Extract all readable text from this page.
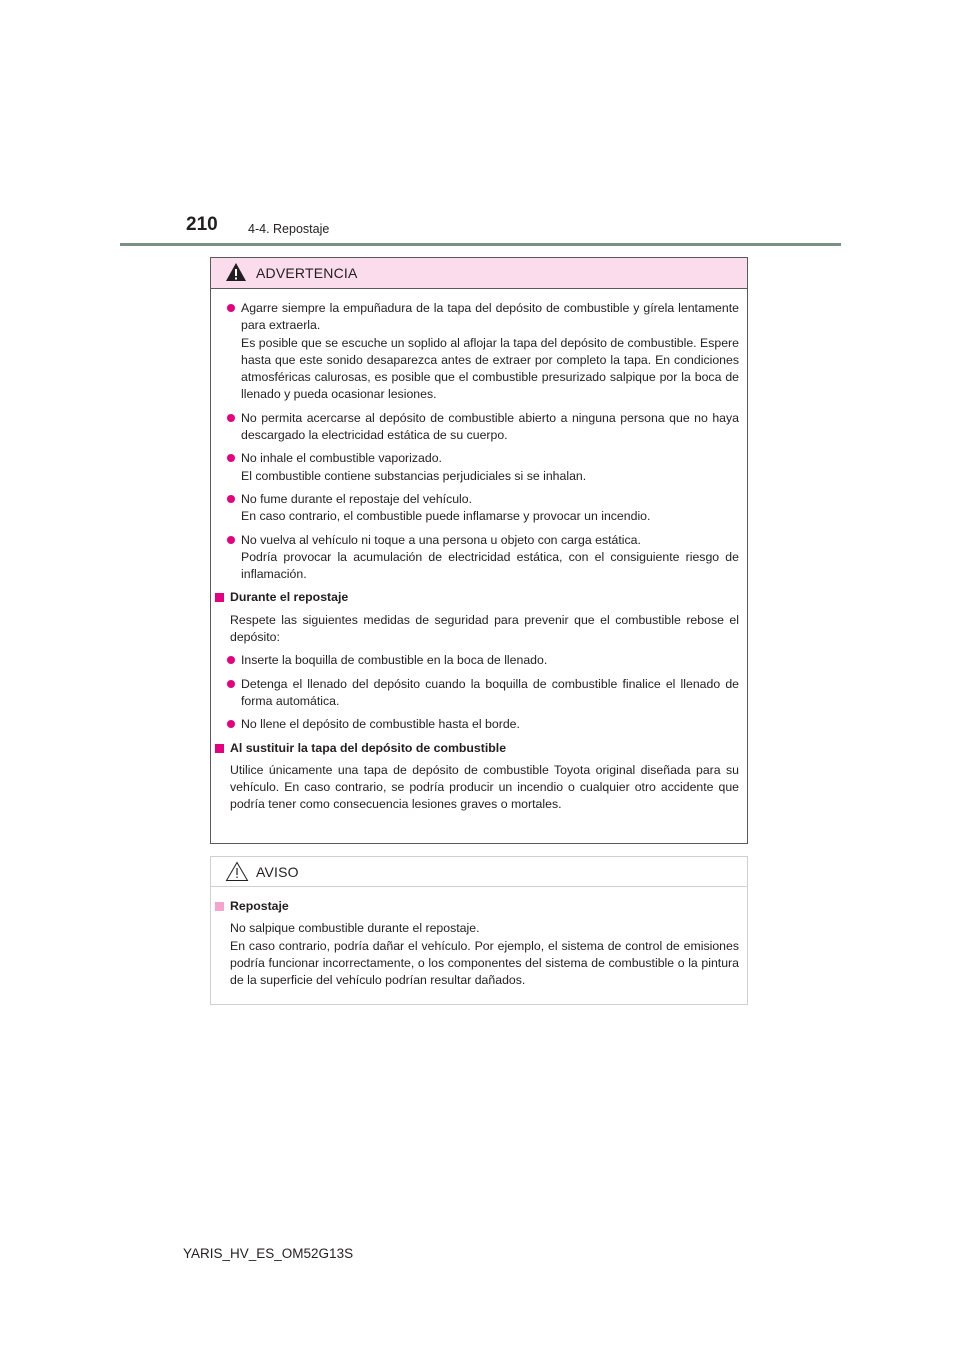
210 4-4. Repostaje
ADVERTENCIA
Agarre siempre la empuñadura de la tapa del depósito de combustible y gírela lentamente para extraerla.
Es posible que se escuche un soplido al aflojar la tapa del depósito de combustible. Espere hasta que este sonido desaparezca antes de extraer por completo la tapa. En condiciones atmosféricas calurosas, es posible que el combustible presurizado salpique por la boca de llenado y pueda ocasionar lesiones.
No permita acercarse al depósito de combustible abierto a ninguna persona que no haya descargado la electricidad estática de su cuerpo.
No inhale el combustible vaporizado.
El combustible contiene substancias perjudiciales si se inhalan.
No fume durante el repostaje del vehículo.
En caso contrario, el combustible puede inflamarse y provocar un incendio.
No vuelva al vehículo ni toque a una persona u objeto con carga estática.
Podría provocar la acumulación de electricidad estática, con el consiguiente riesgo de inflamación.
Durante el repostaje
Respete las siguientes medidas de seguridad para prevenir que el combustible rebose el depósito:
Inserte la boquilla de combustible en la boca de llenado.
Detenga el llenado del depósito cuando la boquilla de combustible finalice el llenado de forma automática.
No llene el depósito de combustible hasta el borde.
Al sustituir la tapa del depósito de combustible
Utilice únicamente una tapa de depósito de combustible Toyota original diseñada para su vehículo. En caso contrario, se podría producir un incendio o cualquier otro accidente que podría tener como consecuencia lesiones graves o mortales.
AVISO
Repostaje
No salpique combustible durante el repostaje.
En caso contrario, podría dañar el vehículo. Por ejemplo, el sistema de control de emisiones podría funcionar incorrectamente, o los componentes del sistema de combustible o la pintura de la superficie del vehículo podrían resultar dañados.
YARIS_HV_ES_OM52G13S
